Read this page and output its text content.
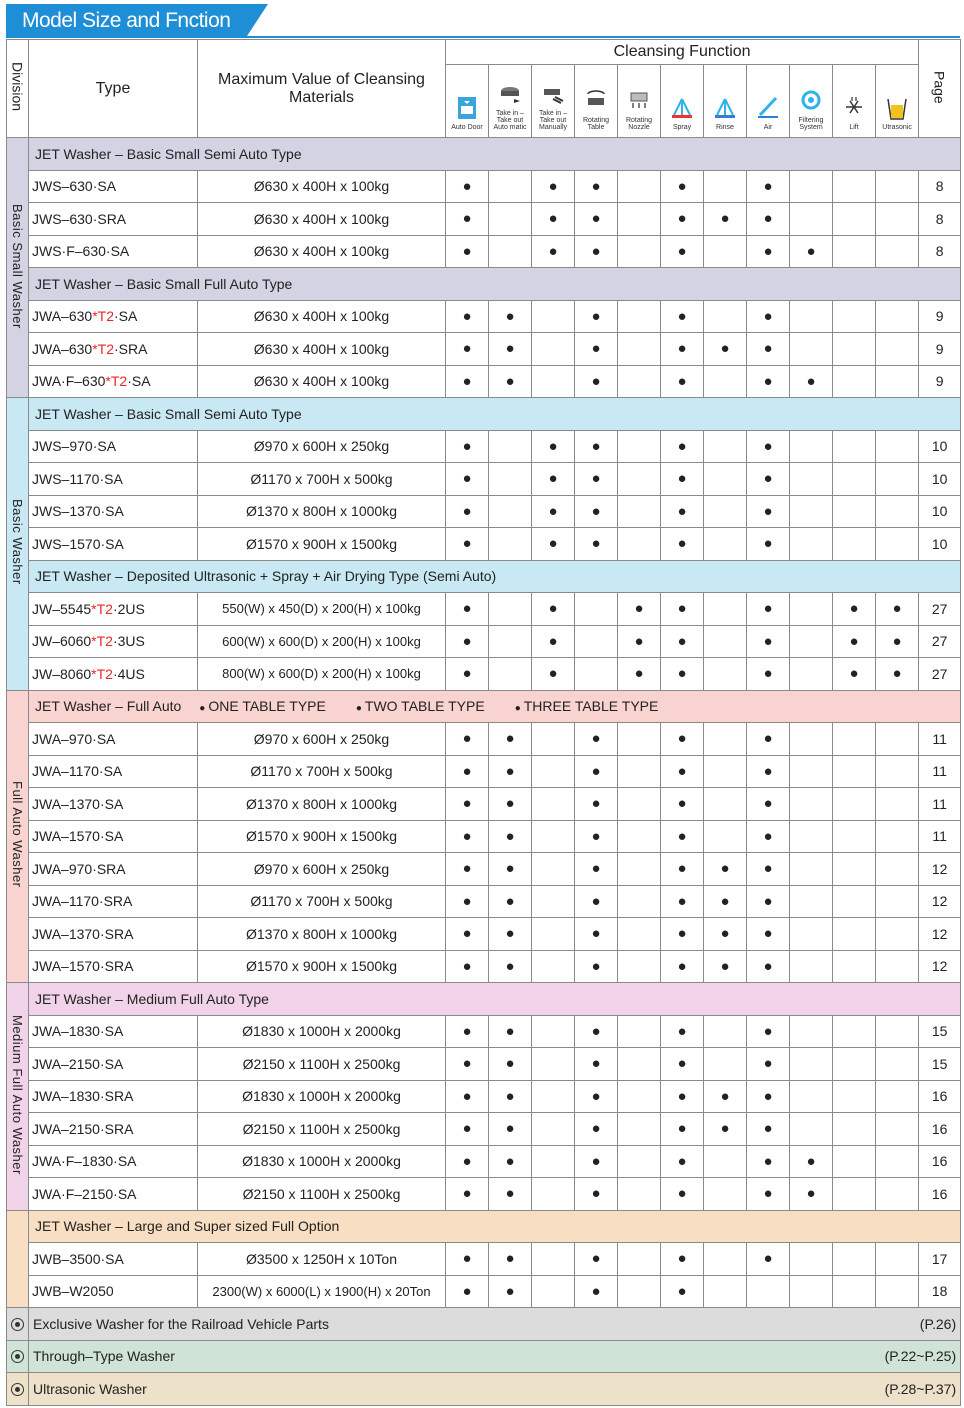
Model Size and Fnction
Division	Type	Maximum Value of Cleansing Materials	Cleansing Function											Page

			Auto Door	Take in – Take out Auto matic	Take in – Take out Manually	Rotating Table	Rotating Nozzle	Spray	Rinse	Air	Filtering System	Lift	Utrasonic	

Basic Small Washer	JET Washer – Basic Small Semi Auto Type													
	JWS–630·SA	Ø630 x 400H x 100kg	●		●	●		●		●				8
	JWS–630·SRA	Ø630 x 400H x 100kg	●		●	●		●	●	●				8
	JWS·F–630·SA	Ø630 x 400H x 100kg	●		●	●		●		●	●			8
	JET Washer – Basic Small Full Auto Type													
	JWA–630*T2·SA	Ø630 x 400H x 100kg	●	●		●		●		●				9
	JWA–630*T2·SRA	Ø630 x 400H x 100kg	●	●		●		●	●	●				9
	JWA·F–630*T2·SA	Ø630 x 400H x 100kg	●	●		●		●		●	●			9
Basic Washer	JET Washer – Basic Small Semi Auto Type													
	JWS–970·SA	Ø970 x 600H x 250kg	●		●	●		●		●				10
	JWS–1170·SA	Ø1170 x 700H x 500kg	●		●	●		●		●				10
	JWS–1370·SA	Ø1370 x 800H x 1000kg	●		●	●		●		●				10
	JWS–1570·SA	Ø1570 x 900H x 1500kg	●		●	●		●		●				10
	JET Washer – Deposited Ultrasonic + Spray + Air Drying Type (Semi Auto)													
	JW–5545*T2·2US	550(W) x 450(D) x 200(H) x 100kg	●		●		●	●		●		●	●	27
	JW–6060*T2·3US	600(W) x 600(D) x 200(H) x 100kg	●		●		●	●		●		●	●	27
	JW–8060*T2·4US	800(W) x 600(D) x 200(H) x 100kg	●		●		●	●		●		●	●	27
Full Auto Washer	JET Washer – Full Auto ● ONE TABLE TYPE ● TWO TABLE TYPE ● THREE TABLE TYPE													
	JWA–970·SA	Ø970 x 600H x 250kg	●	●		●		●		●				11
	JWA–1170·SA	Ø1170 x 700H x 500kg	●	●		●		●		●				11
	JWA–1370·SA	Ø1370 x 800H x 1000kg	●	●		●		●		●				11
	JWA–1570·SA	Ø1570 x 900H x 1500kg	●	●		●		●		●				11
	JWA–970·SRA	Ø970 x 600H x 250kg	●	●		●		●	●	●				12
	JWA–1170·SRA	Ø1170 x 700H x 500kg	●	●		●		●	●	●				12
	JWA–1370·SRA	Ø1370 x 800H x 1000kg	●	●		●		●	●	●				12
	JWA–1570·SRA	Ø1570 x 900H x 1500kg	●	●		●		●	●	●				12
Medium Full Auto Washer	JET Washer – Medium Full Auto Type													
	JWA–1830·SA	Ø1830 x 1000H x 2000kg	●	●		●		●		●				15
	JWA–2150·SA	Ø2150 x 1100H x 2500kg	●	●		●		●		●				15
	JWA–1830·SRA	Ø1830 x 1000H x 2000kg	●	●		●		●	●	●				16
	JWA–2150·SRA	Ø2150 x 1100H x 2500kg	●	●		●		●	●	●				16
	JWA·F–1830·SA	Ø1830 x 1000H x 2000kg	●	●		●		●		●	●			16
	JWA·F–2150·SA	Ø2150 x 1100H x 2500kg	●	●		●		●		●	●			16
	JET Washer – Large and Super sized Full Option													
	JWB–3500·SA	Ø3500 x 1250H x 10Ton	●	●		●		●		●				17
	JWB–W2050	2300(W) x 6000(L) x 1900(H) x 20Ton	●	●		●		●						18

	Exclusive Washer for the Railroad Vehicle Parts (P.26)													

	Through–Type Washer (P.22~P.25)													

	Ultrasonic Washer (P.28~P.37)													
